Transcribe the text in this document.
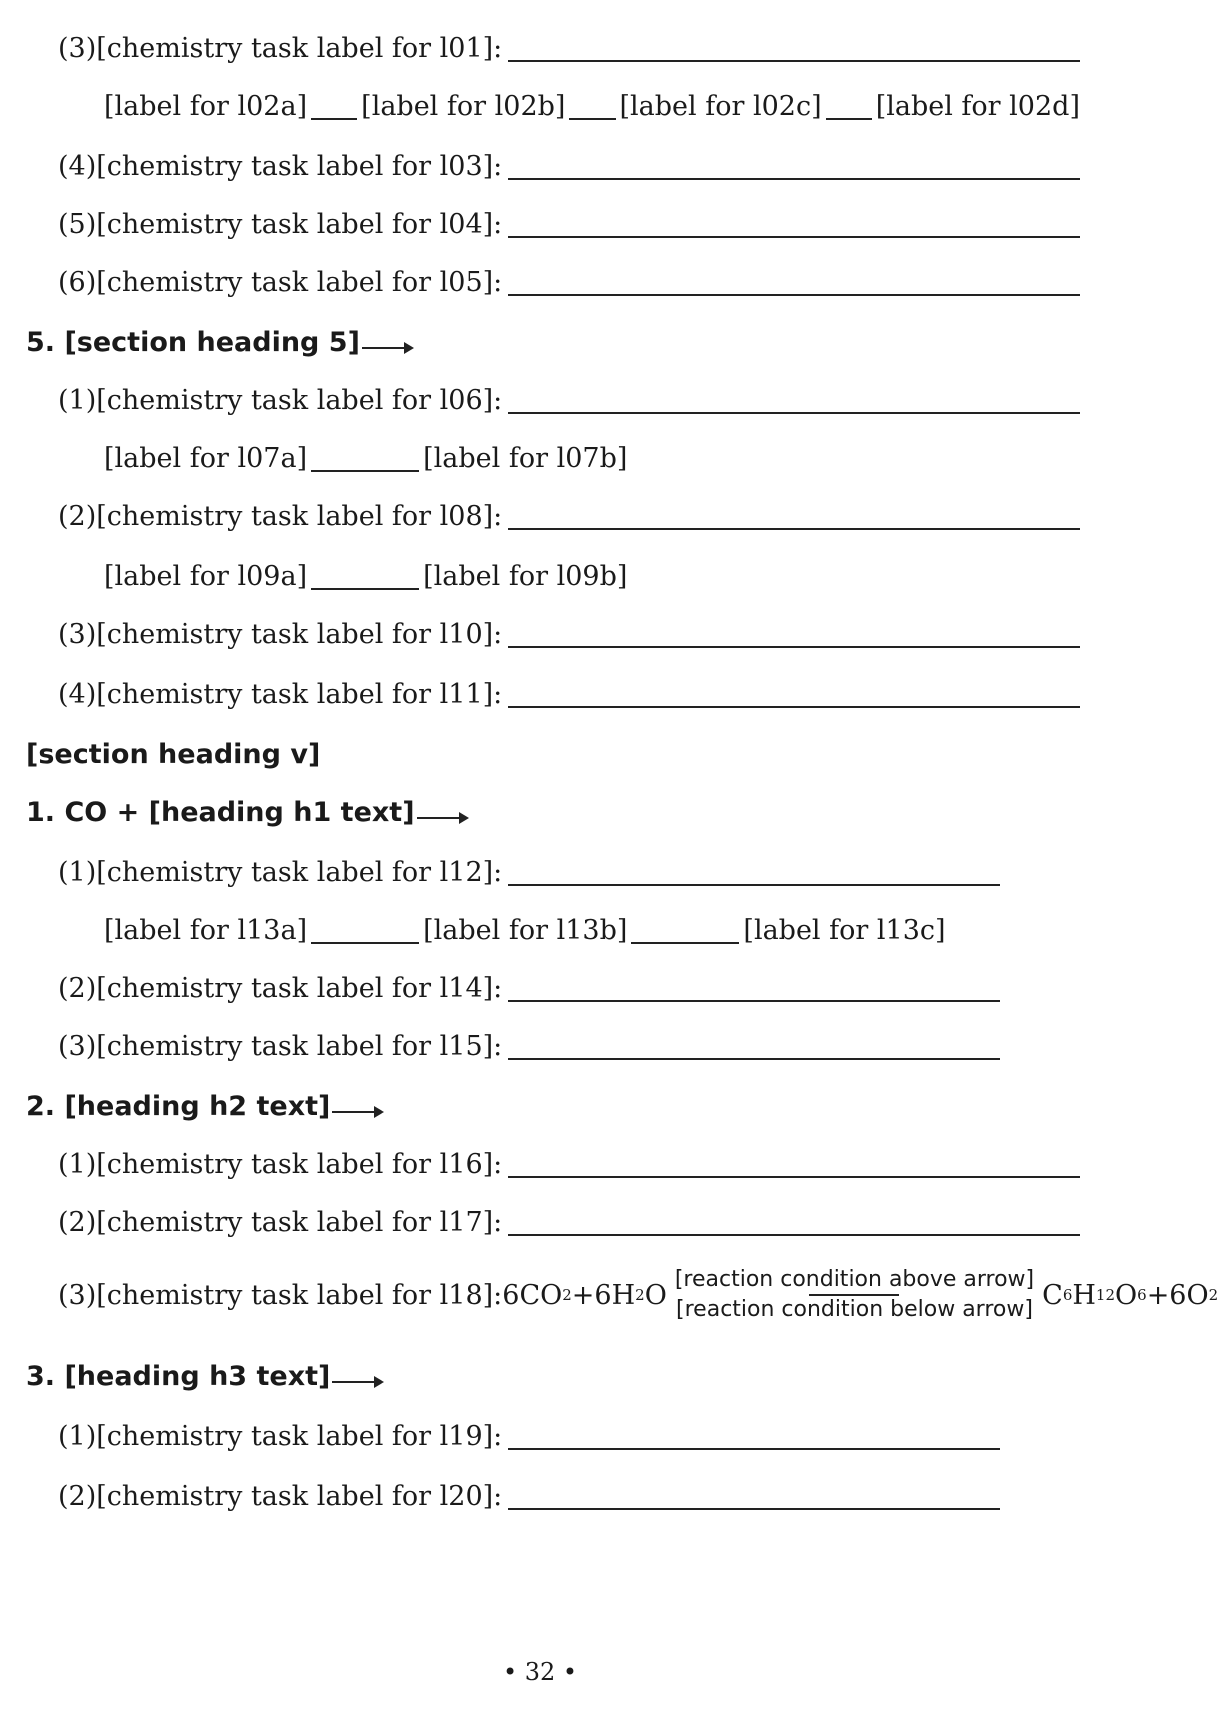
(3)[chemistry task label for l01]:
[label for l02a] [label for l02b] [label for l02c] [label for l02d]
(4)[chemistry task label for l03]:
(5)[chemistry task label for l04]:
(6)[chemistry task label for l05]:
5. [section heading 5]
(1)[chemistry task label for l06]:
[label for l07a]	[label for l07b]
(2)[chemistry task label for l08]:
[label for l09a]	[label for l09b]
(3)[chemistry task label for l10]:
(4)[chemistry task label for l11]:
[section heading v]
1. CO + [heading h1 text]
(1)[chemistry task label for l12]:
[label for l13a]	[label for l13b]	[label for l13c]
(2)[chemistry task label for l14]:
(3)[chemistry task label for l15]:
2. [heading h2 text]
(1)[chemistry task label for l16]:
(2)[chemistry task label for l17]:
(3)[chemistry task label for l18]:6CO 2 +6H 2 O [reaction condition above arrow]
[reaction condition below arrow] C 6 H 12 O 6 +6O 2
3. [heading h3 text]
(1)[chemistry task label for l19]:
(2)[chemistry task label for l20]:
• 32 •
